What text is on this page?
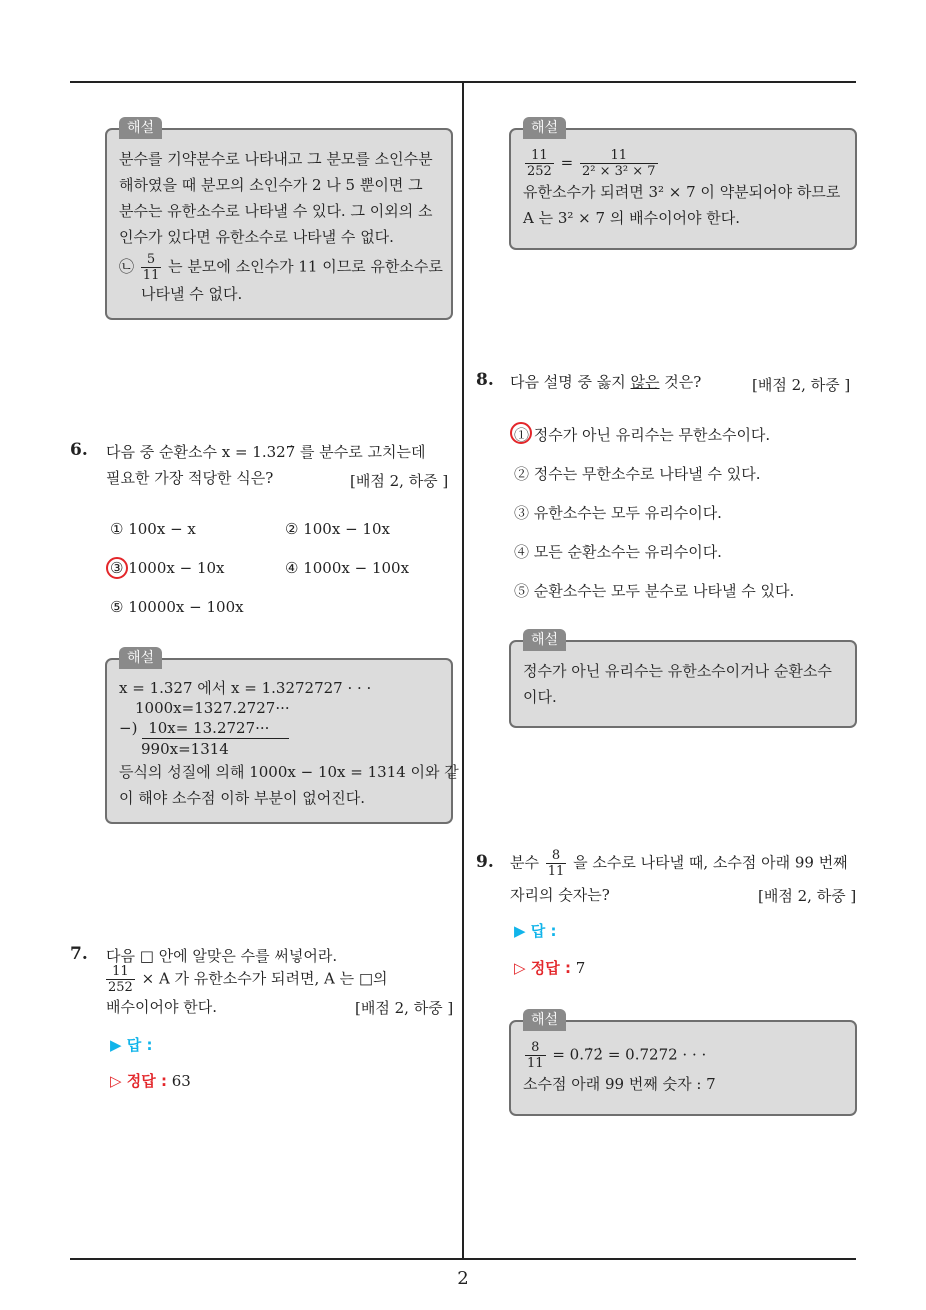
2
해설
분수를 기약분수로 나타내고 그 분모를 소인수분
해하였을 때 분모의 소인수가 2 나 5 뿐이면 그
분수는 유한소수로 나타낼 수 있다. 그 이외의 소
인수가 있다면 유한소수로 나타낼 수 없다.
㉡ $\frac{5}{11}$ 는 분모에 소인수가 11 이므로 유한소수로
나타낼 수 없다.
6. 다음 중 순환소수 x = 1.327̇ 를 분수로 고치는데
필요한 가장 적당한 식은?	[배점 2, 하중 ]
① 100x − x	② 100x − 10x
③ 1000x − 10x	④ 1000x − 100x
⑤ 10000x − 100x
해설
x = 1.327 에서 x = 1.3272727 · · ·
1000x=1327.2727···
−) 10x= 13.2727···
990x=1314
등식의 성질에 의해 1000x − 10x = 1314 이와 같
이 해야 소수점 이하 부분이 없어진다.
7. 다음 □ 안에 알맞은 수를 써넣어라.
$\frac{11}{252} \times A$ 가 유한소수가 되려면, A 는 □의
배수이어야 한다.	[배점 2, 하중 ]
▶ 답 :
▷ 정답 : 63
해설
$\frac{11}{252} = \frac{11}{\text{2² × 3² × 7}}$
유한소수가 되려면 3² × 7 이 약분되어야 하므로
A 는 3² × 7 의 배수이어야 한다.
8. 다음 설명 중 옳지 않은 것은?	[배점 2, 하중 ]
① 정수가 아닌 유리수는 무한소수이다.
② 정수는 무한소수로 나타낼 수 있다.
③ 유한소수는 모두 유리수이다.
④ 모든 순환소수는 유리수이다.
⑤ 순환소수는 모두 분수로 나타낼 수 있다.
해설
정수가 아닌 유리수는 유한소수이거나 순환소수
이다.
9. 분수 $\frac{8}{11}$ 을 소수로 나타낼 때, 소수점 아래 99 번째
자리의 숫자는?	[배점 2, 하중 ]
▶ 답 :
▷ 정답 : 7
해설
$\frac{8}{11}$ = 0.7̇2̇ = 0.7272 · · ·
소수점 아래 99 번째 숫자 : 7
